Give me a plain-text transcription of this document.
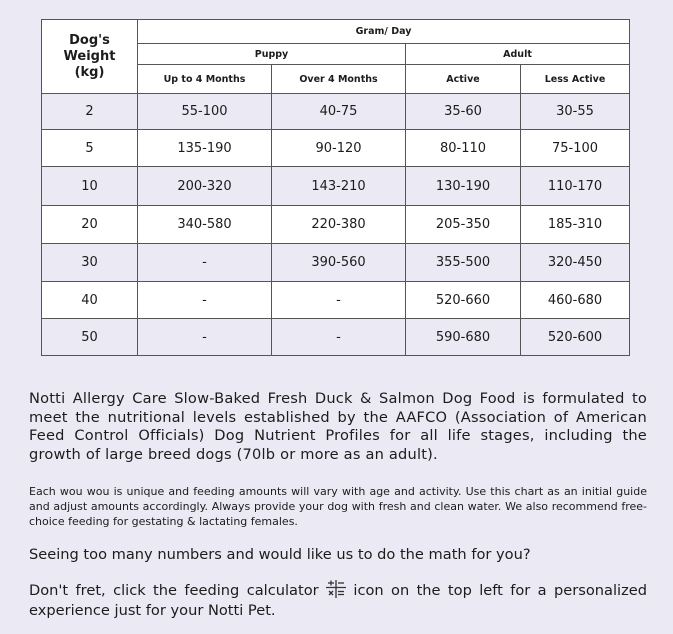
Dog's
Weight
(kg)	Gram/ Day			
	Puppy		Adult	
	Up to 4 Months	Over 4 Months	Active	Less Active
2	55-100	40-75	35-60	30-55
5	135-190	90-120	80-110	75-100
10	200-320	143-210	130-190	110-170
20	340-580	220-380	205-350	185-310
30	-	390-560	355-500	320-450
40	-	-	520-660	460-680
50	-	-	590-680	520-600

Notti Allergy Care Slow-Baked Fresh Duck & Salmon Dog Food is formulated to meet the nutritional levels established by the AAFCO (Association of American Feed Control Officials) Dog Nutrient Profiles for all life stages, including the growth of large breed dogs (70lb or more as an adult).

Each wou wou is unique and feeding amounts will vary with age and activity. Use this chart as an initial guide and adjust amounts accordingly. Always provide your dog with fresh and clean water. We also recommend free-choice feeding for gestating & lactating females.

Seeing too many numbers and would like us to do the math for you?

Don't fret, click the feeding calculator  icon on the top left for a personalized experience just for your Notti Pet.
